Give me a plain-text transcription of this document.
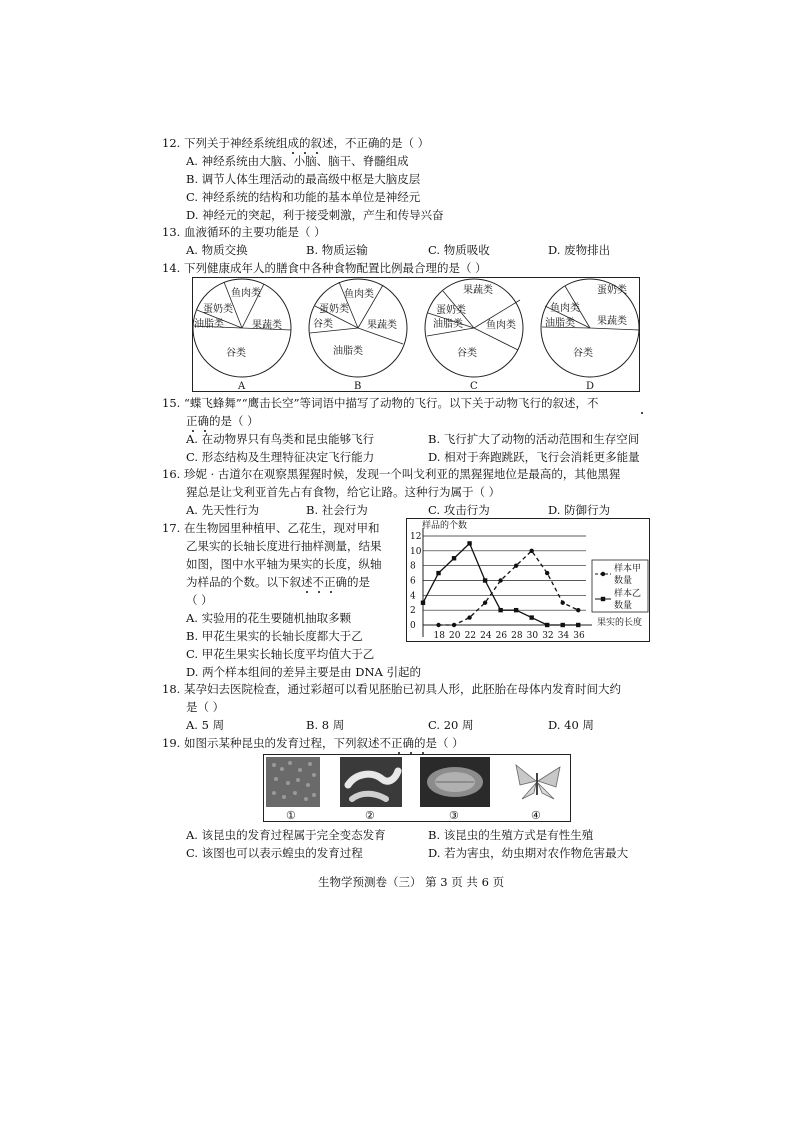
12. 下列关于神经系统组成的叙述，不正确的是（ ）
A. 神经系统由大脑、小脑、脑干、脊髓组成
B. 调节人体生理活动的最高级中枢是大脑皮层
C. 神经系统的结构和功能的基本单位是神经元
D. 神经元的突起，利于接受刺激，产生和传导兴奋
13. 血液循环的主要功能是（ ）
A. 物质交换	B. 物质运输	C. 物质吸收	D. 废物排出
14. 下列健康成年人的膳食中各种食物配置比例最合理的是（ ）
鱼肉类
蛋奶类
油脂类	果蔬类
谷类
A
鱼肉类
蛋奶类
谷类	果蔬类
油脂类
B
果蔬类
蛋奶类
油脂类 鱼肉类
谷类
C
蛋奶类
鱼肉类
油脂类 果蔬类
谷类
D
15. “蝶飞蜂舞”“鹰击长空”等词语中描写了动物的飞行。以下关于动物飞行的叙述，不
正确的是（ ）
A. 在动物界只有鸟类和昆虫能够飞行	B. 飞行扩大了动物的活动范围和生存空间
C. 形态结构及生理特征决定飞行能力	D. 相对于奔跑跳跃，飞行会消耗更多能量
16. 珍妮 · 古道尔在观察黑猩猩时候，发现一个叫戈利亚的黑猩猩地位是最高的，其他黑猩
猩总是让戈利亚首先占有食物，给它让路。这种行为属于（ ）
A. 先天性行为	B. 社会行为	C. 攻击行为	D. 防御行为
17. 在生物园里种植甲、乙花生，现对甲和
乙果实的长轴长度进行抽样测量，结果
如图，图中水平轴为果实的长度，纵轴
为样品的个数。以下叙述不正确的是
（ ）
A. 实验用的花生要随机抽取多颗
B. 甲花生果实的长轴长度都大于乙
C. 甲花生果实长轴长度平均值大于乙
D. 两个样本组间的差异主要是由 DNA 引起的
12
10
8
6
4
2
0
18 20 22 24 26 28 30 32 34 36
样品的个数
果实的长度
样本甲
数量
样本乙
数量
18. 某孕妇去医院检查，通过彩超可以看见胚胎已初具人形，此胚胎在母体内发育时间大约
是（ ）
A. 5 周	B. 8 周	C. 20 周	D. 40 周
19. 如图示某种昆虫的发育过程，下列叙述不正确的是（ ）
①	②	③	④
A. 该昆虫的发育过程属于完全变态发育	B. 该昆虫的生殖方式是有性生殖
C. 该图也可以表示蝗虫的发育过程	D. 若为害虫，幼虫期对农作物危害最大
生物学预测卷（三） 第 3 页 共 6 页
